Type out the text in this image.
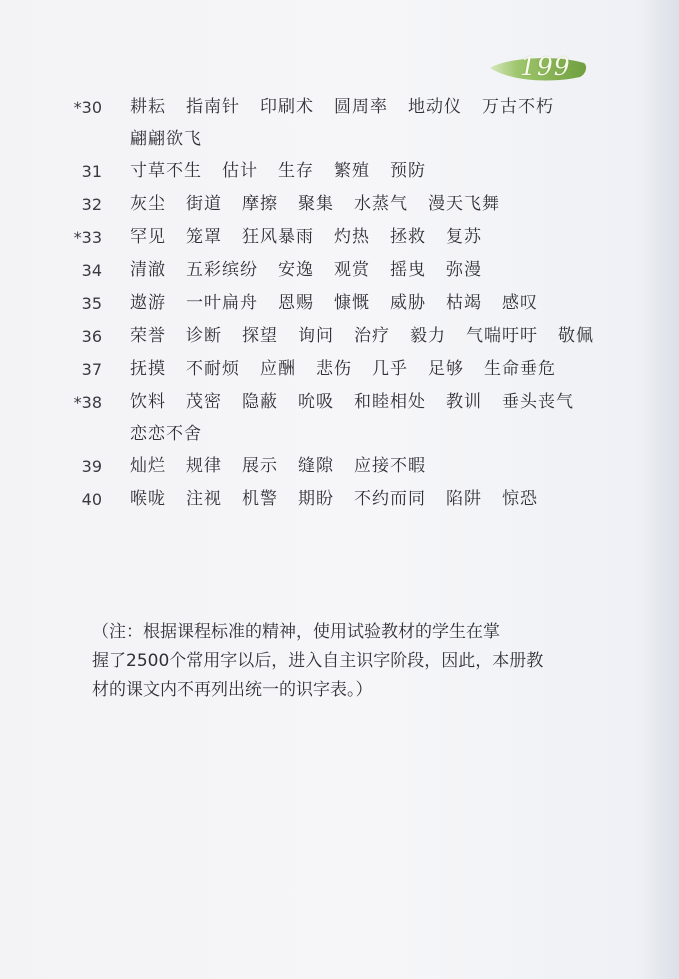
199
*30 耕耘 指南针 印刷术 圆周率 地动仪 万古不朽
翩翩欲飞
31 寸草不生 估计 生存 繁殖 预防
32 灰尘 街道 摩擦 聚集 水蒸气 漫天飞舞
*33 罕见 笼罩 狂风暴雨 灼热 拯救 复苏
34 清澈 五彩缤纷 安逸 观赏 摇曳 弥漫
35 遨游 一叶扁舟 恩赐 慷慨 威胁 枯竭 感叹
36 荣誉 诊断 探望 询问 治疗 毅力 气喘吁吁 敬佩
37 抚摸 不耐烦 应酬 悲伤 几乎 足够 生命垂危
*38 饮料 茂密 隐蔽 吮吸 和睦相处 教训 垂头丧气
恋恋不舍
39 灿烂 规律 展示 缝隙 应接不暇
40 喉咙 注视 机警 期盼 不约而同 陷阱 惊恐
（注：根据课程标准的精神，使用试验教材的学生在掌
握了2500个常用字以后，进入自主识字阶段，因此，本册教
材的课文内不再列出统一的识字表。）
